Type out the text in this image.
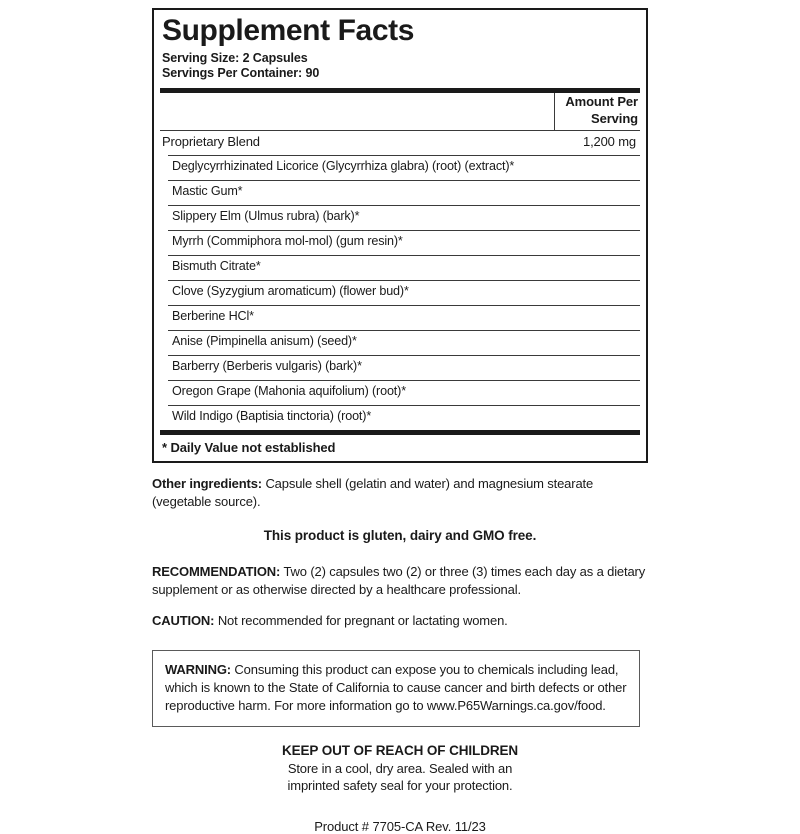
Supplement Facts
Serving Size: 2 Capsules
Servings Per Container: 90
Amount Per
Serving
Proprietary Blend	1,200 mg
Deglycyrrhizinated Licorice (Glycyrrhiza glabra) (root) (extract)*
Mastic Gum*
Slippery Elm (Ulmus rubra) (bark)*
Myrrh (Commiphora mol-mol) (gum resin)*
Bismuth Citrate*
Clove (Syzygium aromaticum) (flower bud)*
Berberine HCl*
Anise (Pimpinella anisum) (seed)*
Barberry (Berberis vulgaris) (bark)*
Oregon Grape (Mahonia aquifolium) (root)*
Wild Indigo (Baptisia tinctoria) (root)*
* Daily Value not established

Other ingredients: Capsule shell (gelatin and water) and magnesium stearate (vegetable source).

This product is gluten, dairy and GMO free.

RECOMMENDATION: Two (2) capsules two (2) or three (3) times each day as a dietary supplement or as otherwise directed by a healthcare professional.

CAUTION: Not recommended for pregnant or lactating women.

WARNING: Consuming this product can expose you to chemicals including lead, which is known to the State of California to cause cancer and birth defects or other reproductive harm. For more information go to www.P65Warnings.ca.gov/food.
KEEP OUT OF REACH OF CHILDREN
Store in a cool, dry area. Sealed with an
imprinted safety seal for your protection.
Product # 7705-CA Rev. 11/23
